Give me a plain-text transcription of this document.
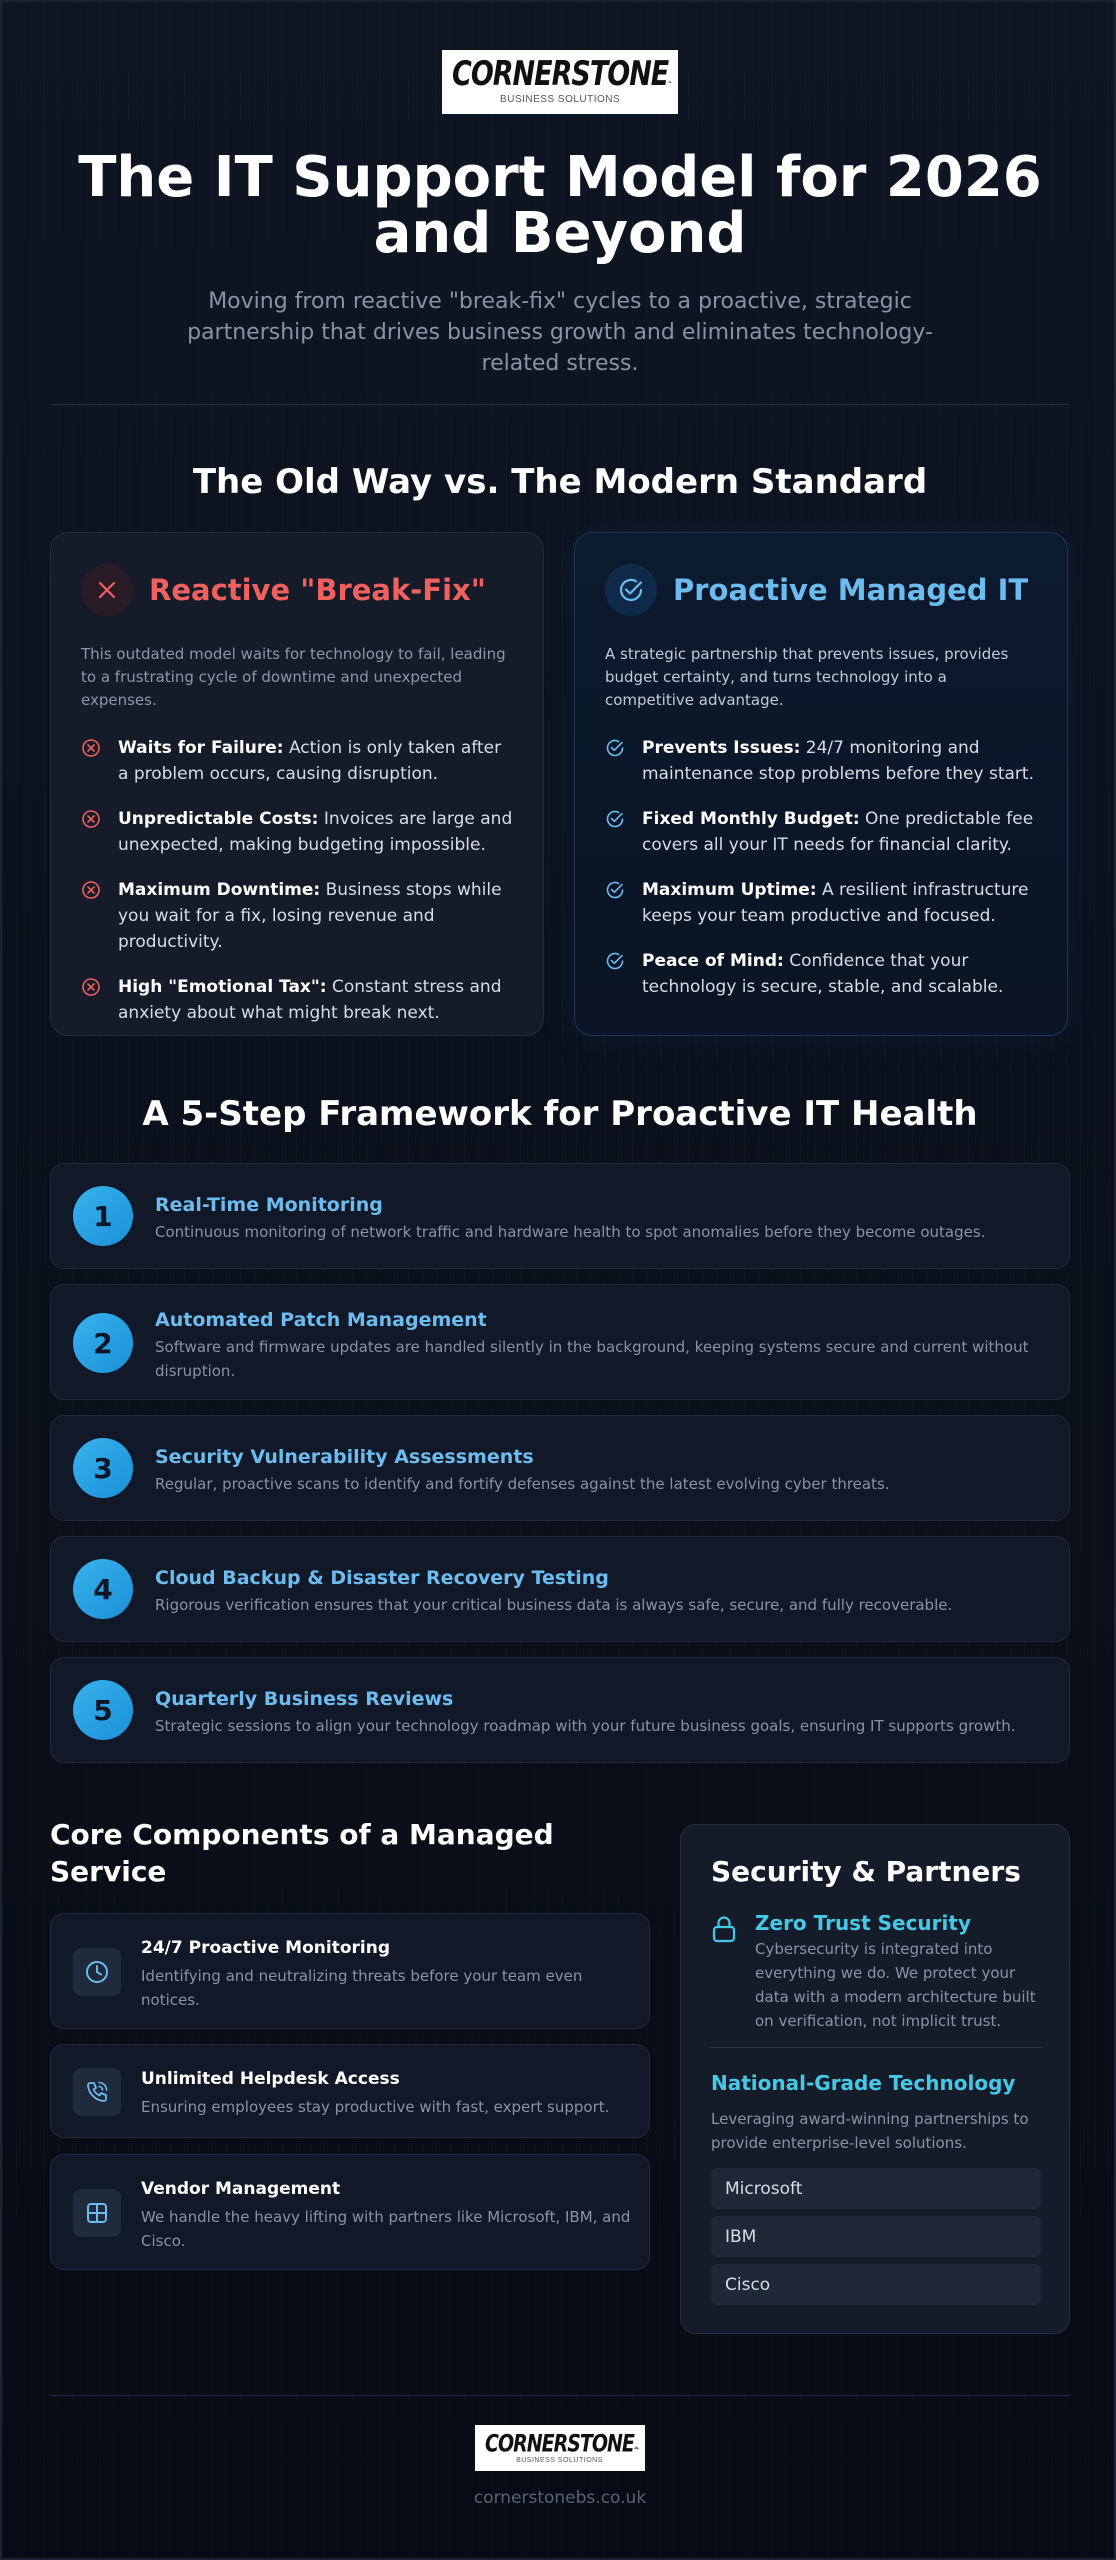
CORNERSTONE
BUSINESS SOLUTIONS
The IT Support Model for 2026 and Beyond

Moving from reactive "break-fix" cycles to a proactive, strategic partnership that drives business growth and eliminates technology-related stress.

The Old Way vs. The Modern Standard
Reactive "Break-Fix"

This outdated model waits for technology to fail, leading to a frustrating cycle of downtime and unexpected expenses.

Waits for Failure: Action is only taken after a problem occurs, causing disruption.
Unpredictable Costs: Invoices are large and unexpected, making budgeting impossible.
Maximum Downtime: Business stops while you wait for a fix, losing revenue and productivity.
High "Emotional Tax": Constant stress and anxiety about what might break next.
Proactive Managed IT

A strategic partnership that prevents issues, provides budget certainty, and turns technology into a competitive advantage.

Prevents Issues: 24/7 monitoring and maintenance stop problems before they start.
Fixed Monthly Budget: One predictable fee covers all your IT needs for financial clarity.
Maximum Uptime: A resilient infrastructure keeps your team productive and focused.
Peace of Mind: Confidence that your technology is secure, stable, and scalable.
A 5-Step Framework for Proactive IT Health
1	Real-Time Monitoring
Continuous monitoring of network traffic and hardware health to spot anomalies before they become outages.
2
Automated Patch Management
Software and firmware updates are handled silently in the background, keeping systems secure and current without disruption.
3	Security Vulnerability Assessments
Regular, proactive scans to identify and fortify defenses against the latest evolving cyber threats.
4	Cloud Backup & Disaster Recovery Testing
Rigorous verification ensures that your critical business data is always safe, secure, and fully recoverable.
5	Quarterly Business Reviews
Strategic sessions to align your technology roadmap with your future business goals, ensuring IT supports growth.
Core Components of a Managed Service
24/7 Proactive Monitoring
Identifying and neutralizing threats before your team even notices.
Unlimited Helpdesk Access
Ensuring employees stay productive with fast, expert support.
Vendor Management
We handle the heavy lifting with partners like Microsoft, IBM, and Cisco.
Security & Partners
Zero Trust Security
Cybersecurity is integrated into everything we do. We protect your data with a modern architecture built on verification, not implicit trust.
National-Grade Technology
Leveraging award-winning partnerships to provide enterprise-level solutions.
Microsoft
IBM
Cisco
CORNERSTONE
BUSINESS SOLUTIONS
cornerstonebs.co.uk
